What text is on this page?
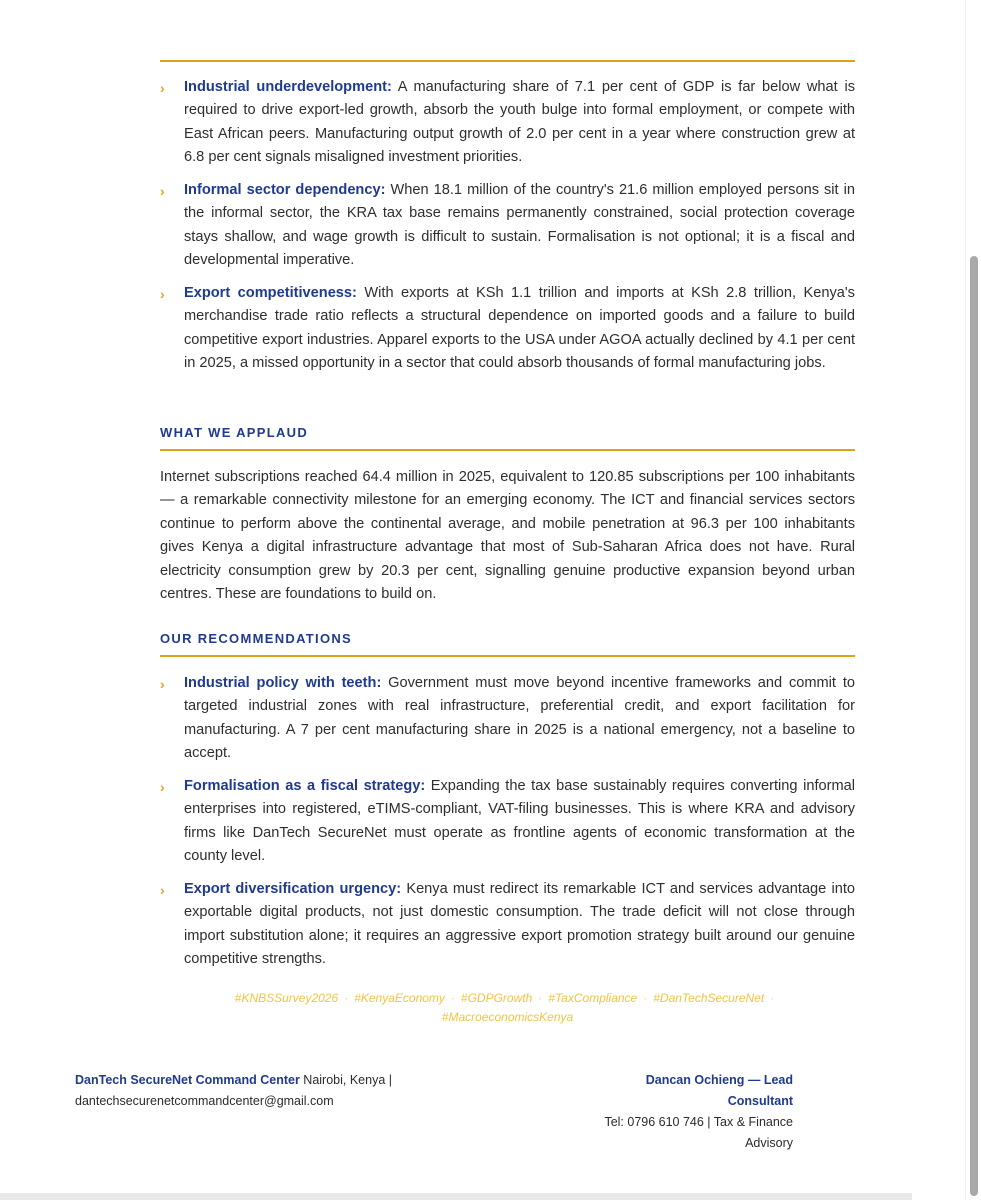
›	Industrial underdevelopment: A manufacturing share of 7.1 per cent of GDP is far below what is required to drive export-led growth, absorb the youth bulge into formal employment, or compete with East African peers. Manufacturing output growth of 2.0 per cent in a year where construction grew at 6.8 per cent signals misaligned investment priorities.

›	Informal sector dependency: When 18.1 million of the country's 21.6 million employed persons sit in the informal sector, the KRA tax base remains permanently constrained, social protection coverage stays shallow, and wage growth is difficult to sustain. Formalisation is not optional; it is a fiscal and developmental imperative.

›	Export competitiveness: With exports at KSh 1.1 trillion and imports at KSh 2.8 trillion, Kenya's merchandise trade ratio reflects a structural dependence on imported goods and a failure to build competitive export industries. Apparel exports to the USA under AGOA actually declined by 4.1 per cent in 2025, a missed opportunity in a sector that could absorb thousands of formal manufacturing jobs.

WHAT WE APPLAUD

Internet subscriptions reached 64.4 million in 2025, equivalent to 120.85 subscriptions per 100 inhabitants — a remarkable connectivity milestone for an emerging economy. The ICT and financial services sectors continue to perform above the continental average, and mobile penetration at 96.3 per 100 inhabitants gives Kenya a digital infrastructure advantage that most of Sub-Saharan Africa does not have. Rural electricity consumption grew by 20.3 per cent, signalling genuine productive expansion beyond urban centres. These are foundations to build on.

OUR RECOMMENDATIONS
›	Industrial policy with teeth: Government must move beyond incentive frameworks and commit to targeted industrial zones with real infrastructure, preferential credit, and export facilitation for manufacturing. A 7 per cent manufacturing share in 2025 is a national emergency, not a baseline to accept.

›	Formalisation as a fiscal strategy: Expanding the tax base sustainably requires converting informal enterprises into registered, eTIMS-compliant, VAT-filing businesses. This is where KRA and advisory firms like DanTech SecureNet must operate as frontline agents of economic transformation at the county level.

›	Export diversification urgency: Kenya must redirect its remarkable ICT and services advantage into exportable digital products, not just domestic consumption. The trade deficit will not close through import substitution alone; it requires an aggressive export promotion strategy built around our genuine competitive strengths.

#KNBSSurvey2026 · #KenyaEconomy · #GDPGrowth · #TaxCompliance · #DanTechSecureNet ·
#MacroeconomicsKenya
DanTech SecureNet Command Center Nairobi, Kenya |
dantechsecurenetcommandcenter@gmail.com
Dancan Ochieng — Lead
Consultant
Tel: 0796 610 746 | Tax & Finance
Advisory
